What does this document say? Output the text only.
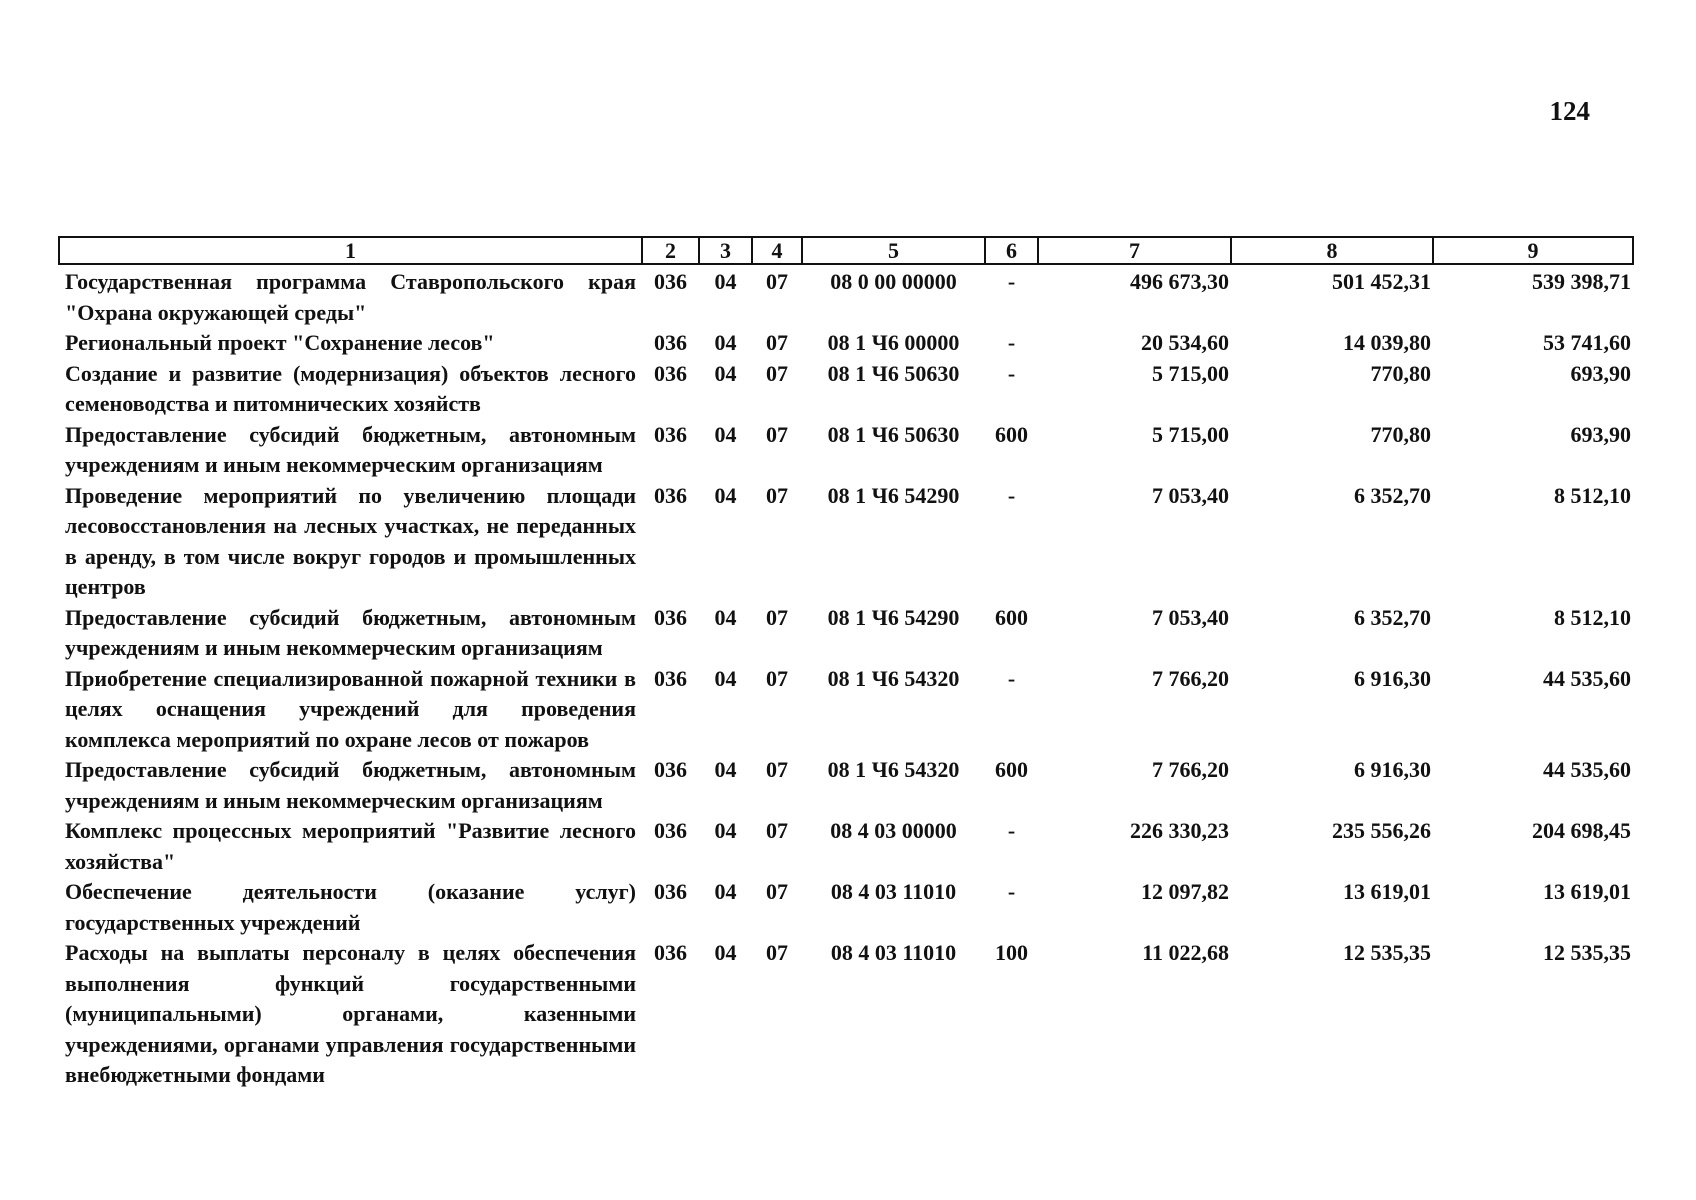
124
1	2	3	4	5	6	7	8	9
Государственная программа Ставропольского края "Охрана окружающей среды"	036	04	07	08 0 00 00000	-	496 673,30	501 452,31	539 398,71
Региональный проект "Сохранение лесов"	036	04	07	08 1 Ч6 00000	-	20 534,60	14 039,80	53 741,60
Создание и развитие (модернизация) объектов лесного семеноводства и питомнических хозяйств	036	04	07	08 1 Ч6 50630	-	5 715,00	770,80	693,90
Предоставление субсидий бюджетным, автономным учреждениям и иным некоммерческим организациям	036	04	07	08 1 Ч6 50630	600	5 715,00	770,80	693,90
Проведение мероприятий по увеличению площади лесовосстановления на лесных участках, не переданных в аренду, в том числе вокруг городов и промышленных центров	036	04	07	08 1 Ч6 54290	-	7 053,40	6 352,70	8 512,10
Предоставление субсидий бюджетным, автономным учреждениям и иным некоммерческим организациям	036	04	07	08 1 Ч6 54290	600	7 053,40	6 352,70	8 512,10
Приобретение специализированной пожарной техники в целях оснащения учреждений для проведения комплекса мероприятий по охране лесов от пожаров	036	04	07	08 1 Ч6 54320	-	7 766,20	6 916,30	44 535,60
Предоставление субсидий бюджетным, автономным учреждениям и иным некоммерческим организациям	036	04	07	08 1 Ч6 54320	600	7 766,20	6 916,30	44 535,60
Комплекс процессных мероприятий "Развитие лесного хозяйства"	036	04	07	08 4 03 00000	-	226 330,23	235 556,26	204 698,45
Обеспечение деятельности (оказание услуг) государственных учреждений	036	04	07	08 4 03 11010	-	12 097,82	13 619,01	13 619,01
Расходы на выплаты персоналу в целях обеспечения выполнения функций государственными (муниципальными) органами, казенными учреждениями, органами управления государственными внебюджетными фондами	036	04	07	08 4 03 11010	100	11 022,68	12 535,35	12 535,35
